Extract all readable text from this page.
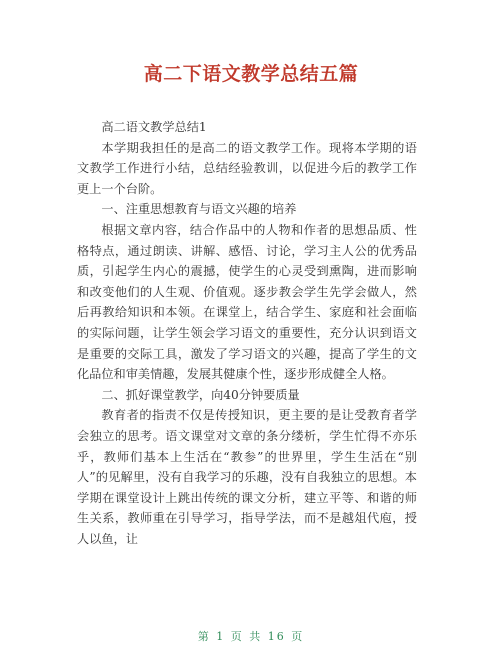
高二下语文教学总结五篇

高二语文教学总结1

本学期我担任的是高二的语文教学工作。现将本学期的语文教学工作进行小结，总结经验教训，以促进今后的教学工作更上一个台阶。

一、注重思想教育与语文兴趣的培养

根据文章内容，结合作品中的人物和作者的思想品质、性格特点，通过朗读、讲解、感悟、讨论，学习主人公的优秀品质，引起学生内心的震撼，使学生的心灵受到熏陶，进而影响和改变他们的人生观、价值观。逐步教会学生先学会做人，然后再教给知识和本领。在课堂上，结合学生、家庭和社会面临的实际问题，让学生领会学习语文的重要性，充分认识到语文是重要的交际工具，激发了学习语文的兴趣，提高了学生的文化品位和审美情趣，发展其健康个性，逐步形成健全人格。

二、抓好课堂教学，向40分钟要质量

教育者的指责不仅是传授知识，更主要的是让受教育者学会独立的思考。语文课堂对文章的条分缕析，学生忙得不亦乐乎，教师们基本上生活在“教参”的世界里，学生生活在“别人”的见解里，没有自我学习的乐趣，没有自我独立的思想。本学期在课堂设计上跳出传统的课文分析，建立平等、和谐的师生关系，教师重在引导学习，指导学法，而不是越俎代庖，授人以鱼，让

第 1 页 共 16 页
